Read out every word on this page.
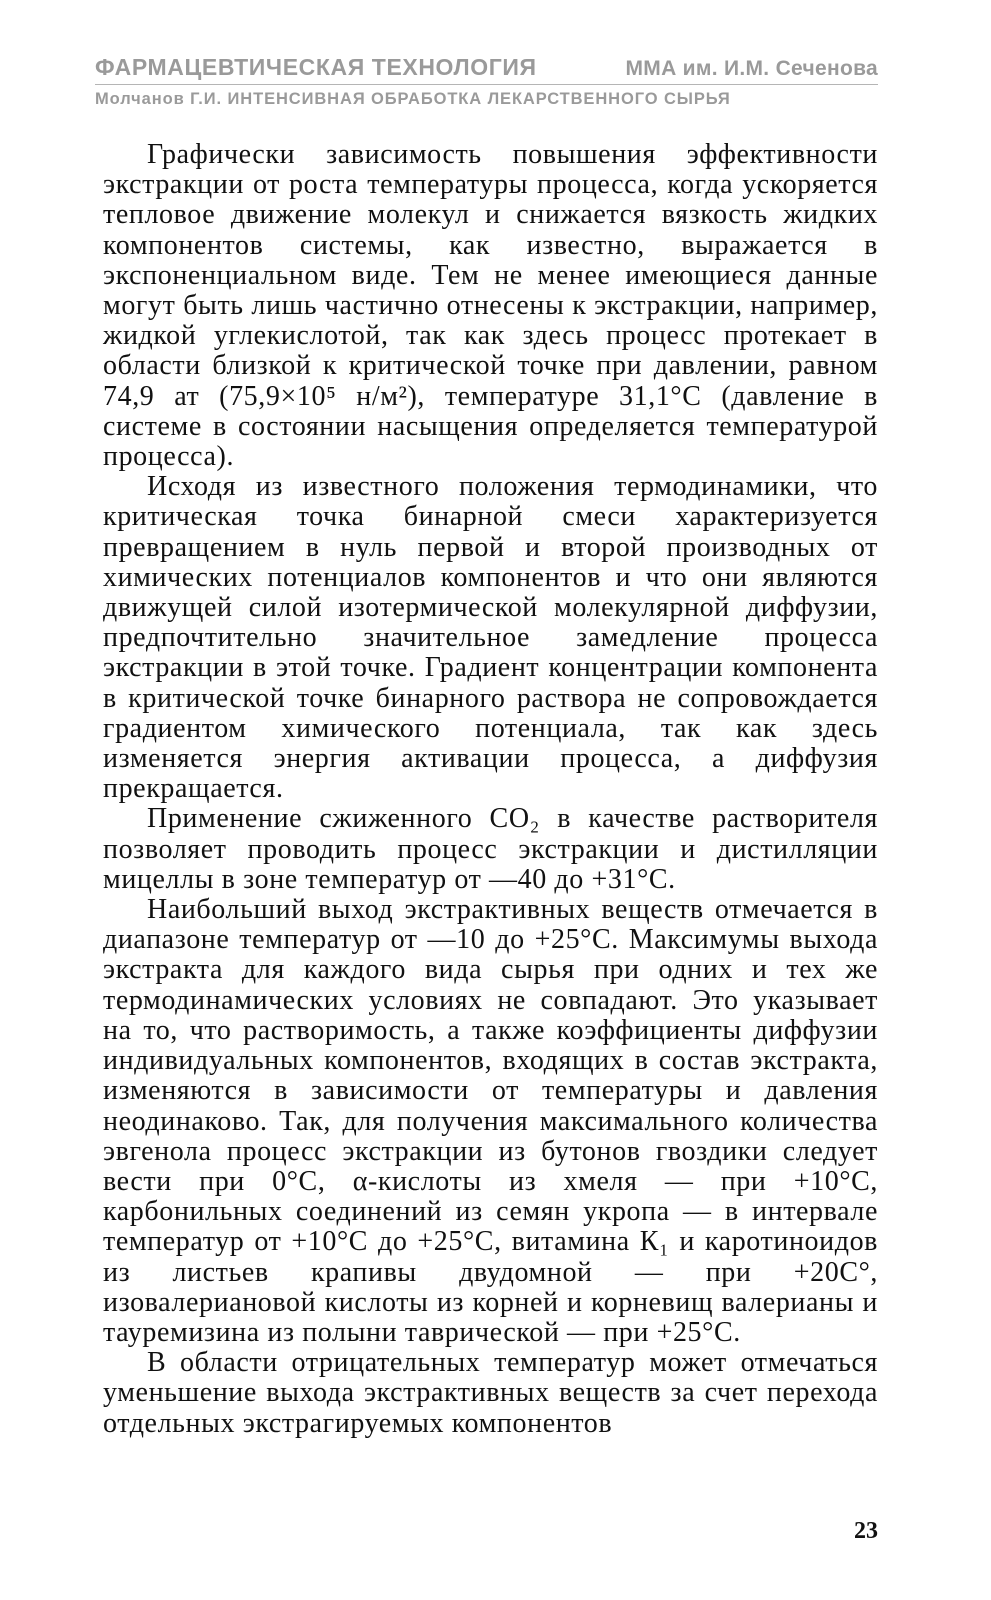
ФАРМАЦЕВТИЧЕСКАЯ ТЕХНОЛОГИЯ	ММА им. И.М. Сеченова
Молчанов Г.И. ИНТЕНСИВНАЯ ОБРАБОТКА ЛЕКАРСТВЕННОГО СЫРЬЯ

Графически зависимость повышения эффективности экстракции от роста температуры процесса, когда ускоряется тепловое движение молекул и снижается вязкость жидких компонентов системы, как известно, выражается в экспоненциальном виде. Тем не менее имеющиеся данные могут быть лишь частично отнесены к экстракции, например, жидкой углекислотой, так как здесь процесс протекает в области близкой к критической точке при давлении, равном 74,9 ат (75,9×10⁵ н/м²), температуре 31,1°С (давление в системе в состоянии насыщения определяется температурой процесса).

Исходя из известного положения термодинамики, что критическая точка бинарной смеси характеризуется превращением в нуль первой и второй производных от химических потенциалов компонентов и что они являются движущей силой изотермической молекулярной диффузии, предпочтительно значительное замедление процесса экстракции в этой точке. Градиент концентрации компонента в критической точке бинарного раствора не сопровождается градиентом химического потенциала, так как здесь изменяется энергия активации процесса, а диффузия прекращается.

Применение сжиженного СО₂ в качестве растворителя позволяет проводить процесс экстракции и дистилляции мицеллы в зоне температур от —40 до +31°С.

Наибольший выход экстрактивных веществ отмечается в диапазоне температур от —10 до +25°С. Максимумы выхода экстракта для каждого вида сырья при одних и тех же термодинамических условиях не совпадают. Это указывает на то, что растворимость, а также коэффициенты диффузии индивидуальных компонентов, входящих в состав экстракта, изменяются в зависимости от температуры и давления неодинаково. Так, для получения максимального количества эвгенола процесс экстракции из бутонов гвоздики следует вести при 0°С, α-кислоты из хмеля — при +10°С, карбонильных соединений из семян укропа — в интервале температур от +10°С до +25°С, витамина К₁ и каротиноидов из листьев крапивы двудомной — при +20С°, изовалериановой кислоты из корней и корневищ валерианы и тауремизина из полыни таврической — при +25°С.

В области отрицательных температур может отмечаться уменьшение выхода экстрактивных веществ за счет перехода отдельных экстрагируемых компонентов

23
